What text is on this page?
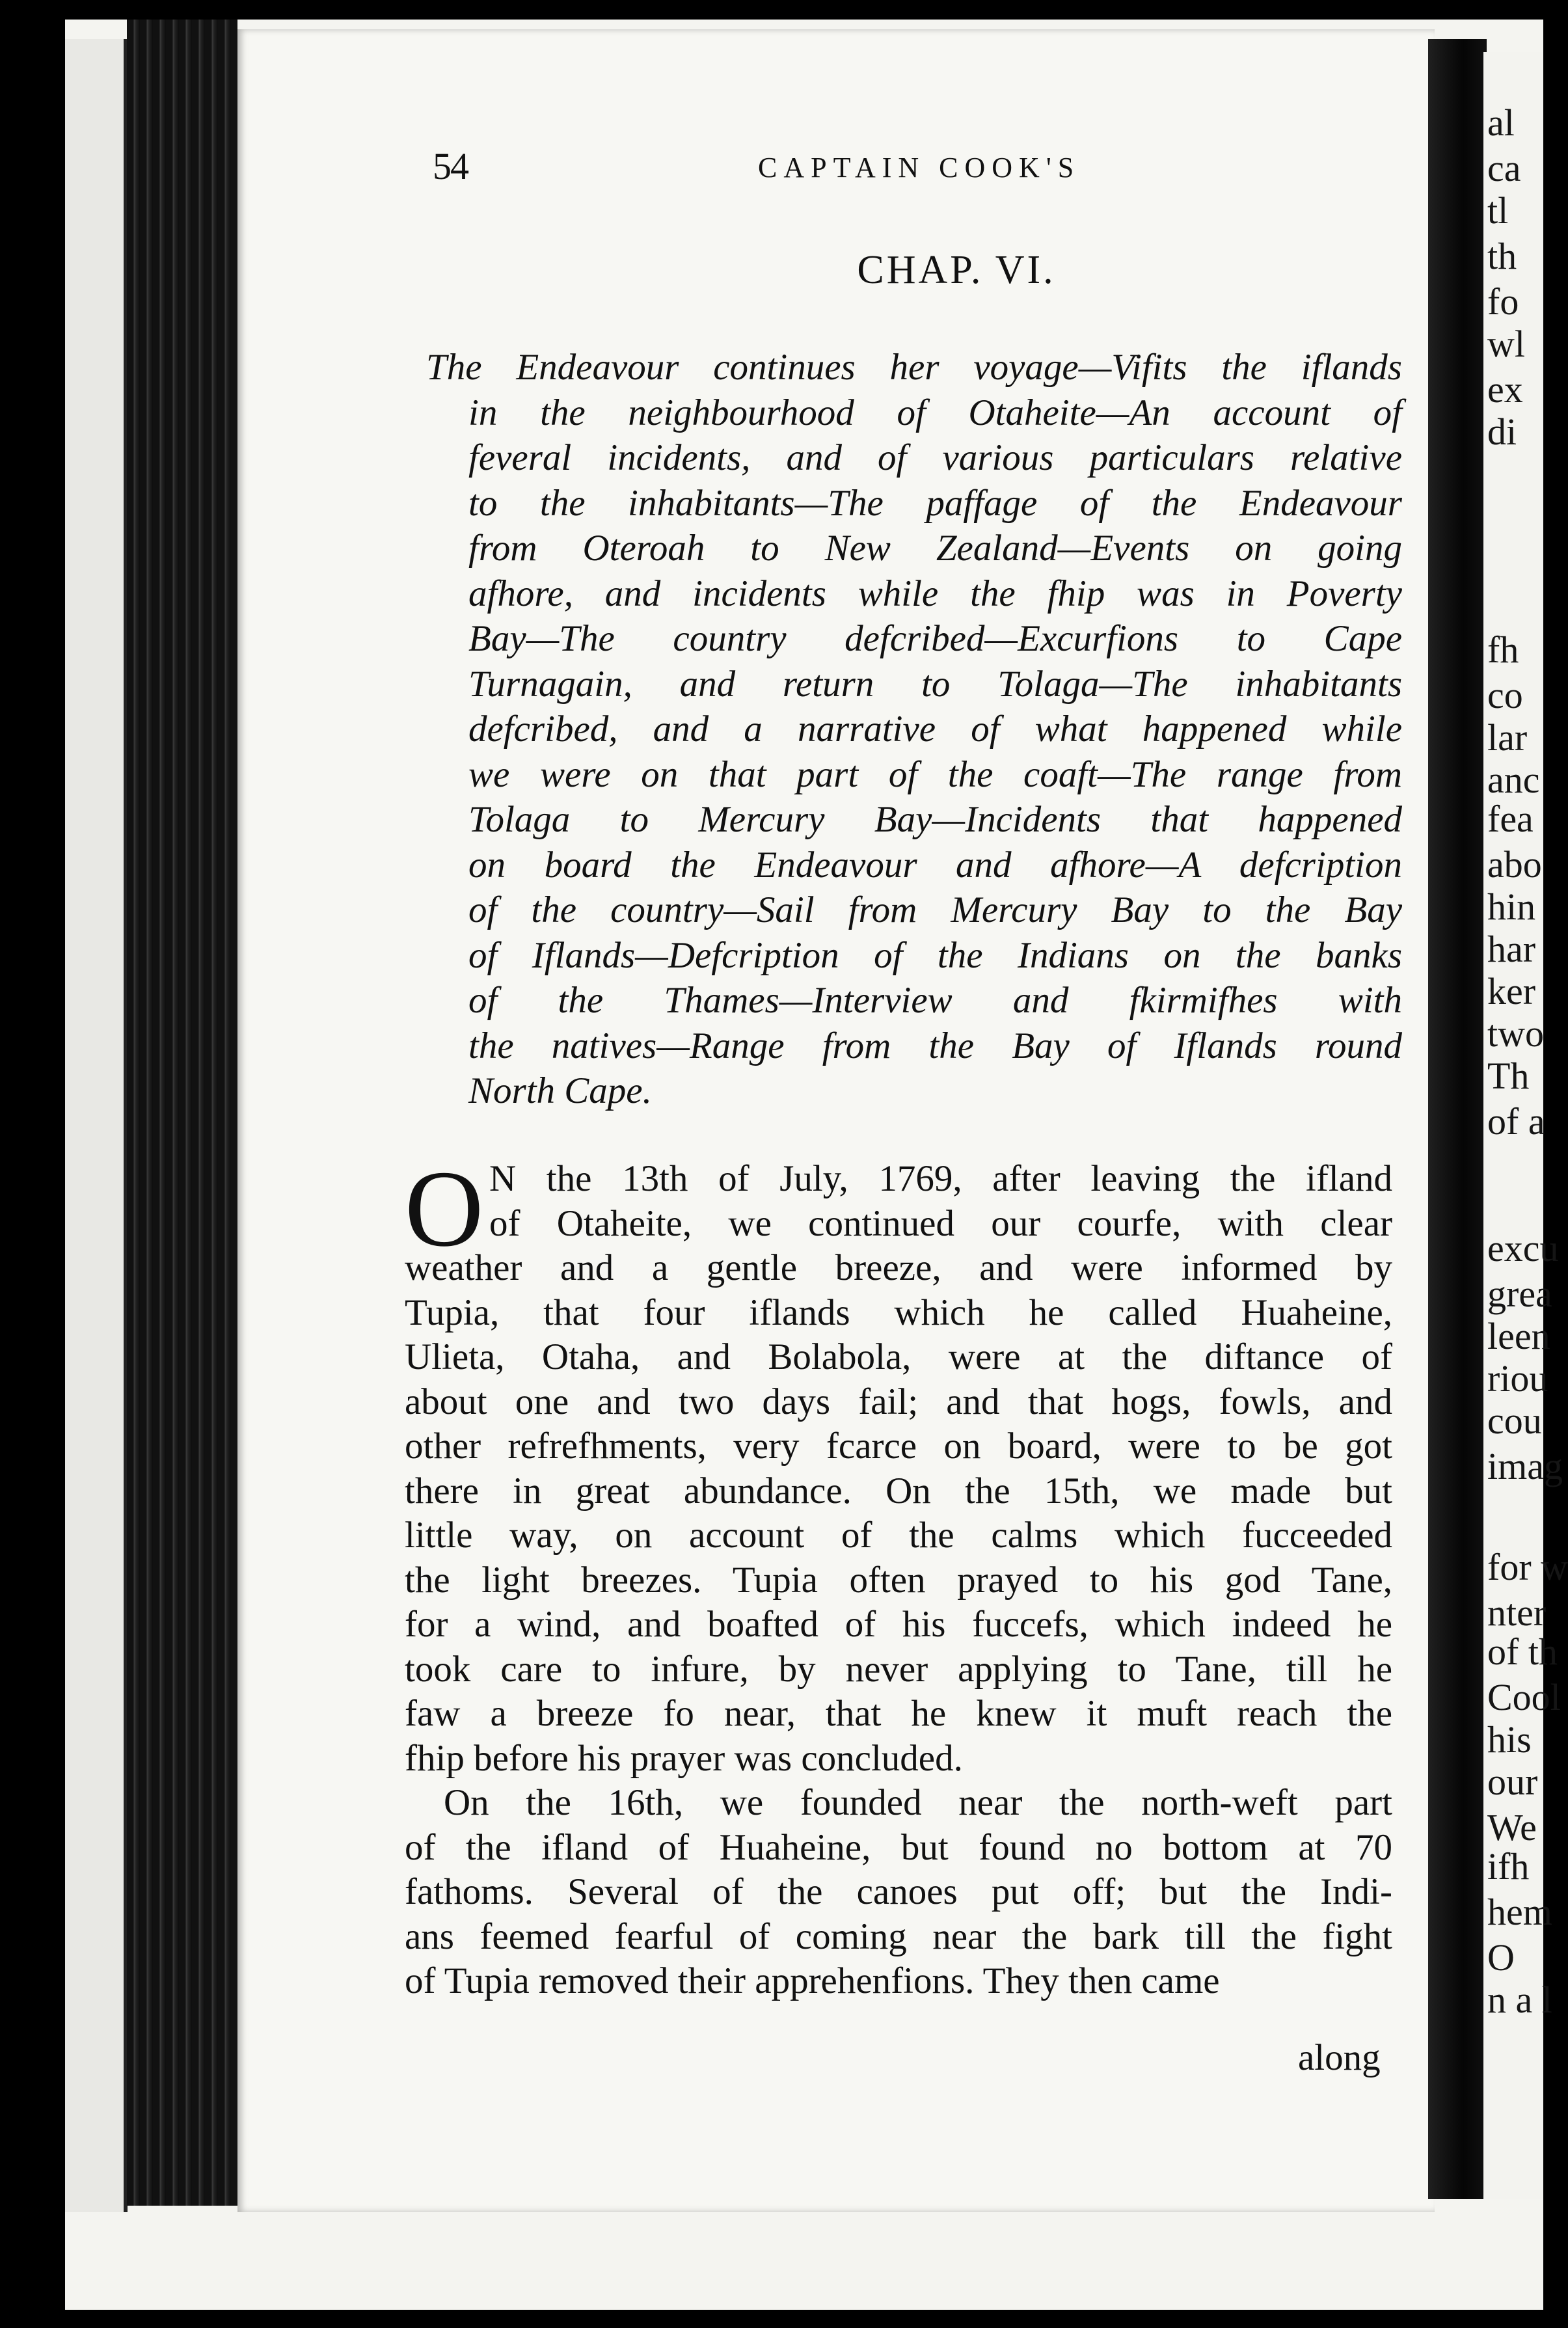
al
ca
tl
th
fo
wl
ex
di
fh
co
lar
anc
fea
abo
hin
har
ker
two
Th
of a
excu
grea
leen
riou
cou
imag
for w
nter
of th
Cool
his
our
We
ifh
hem
O
n a l
54	CAPTAIN COOK'S
CHAP. VI.
The Endeavour continues her voyage—Vifits the iflands
in the neighbourhood of Otaheite—An account of
feveral incidents, and of various particulars relative
to the inhabitants—The paffage of the Endeavour
from Oteroah to New Zealand—Events on going
afhore, and incidents while the fhip was in Poverty
Bay—The country defcribed—Excurfions to Cape
Turnagain, and return to Tolaga—The inhabitants
defcribed, and a narrative of what happened while
we were on that part of the coaft—The range from
Tolaga to Mercury Bay—Incidents that happened
on board the Endeavour and afhore—A defcription
of the country—Sail from Mercury Bay to the Bay
of Iflands—Defcription of the Indians on the banks
of the Thames—Interview and fkirmifhes with
the natives—Range from the Bay of Iflands round
North Cape.
O N the 13th of July, 1769, after leaving the ifland
of Otaheite, we continued our courfe, with clear
weather and a gentle breeze, and were informed by
Tupia, that four iflands which he called Huaheine,
Ulieta, Otaha, and Bolabola, were at the diftance of
about one and two days fail; and that hogs, fowls, and
other refrefhments, very fcarce on board, were to be got
there in great abundance. On the 15th, we made but
little way, on account of the calms which fucceeded
the light breezes. Tupia often prayed to his god Tane,
for a wind, and boafted of his fuccefs, which indeed he
took care to infure, by never applying to Tane, till he
faw a breeze fo near, that he knew it muft reach the
fhip before his prayer was concluded.
On the 16th, we founded near the north-weft part
of the ifland of Huaheine, but found no bottom at 70
fathoms. Several of the canoes put off; but the Indi-
ans feemed fearful of coming near the bark till the fight
of Tupia removed their apprehenfions. They then came
along
